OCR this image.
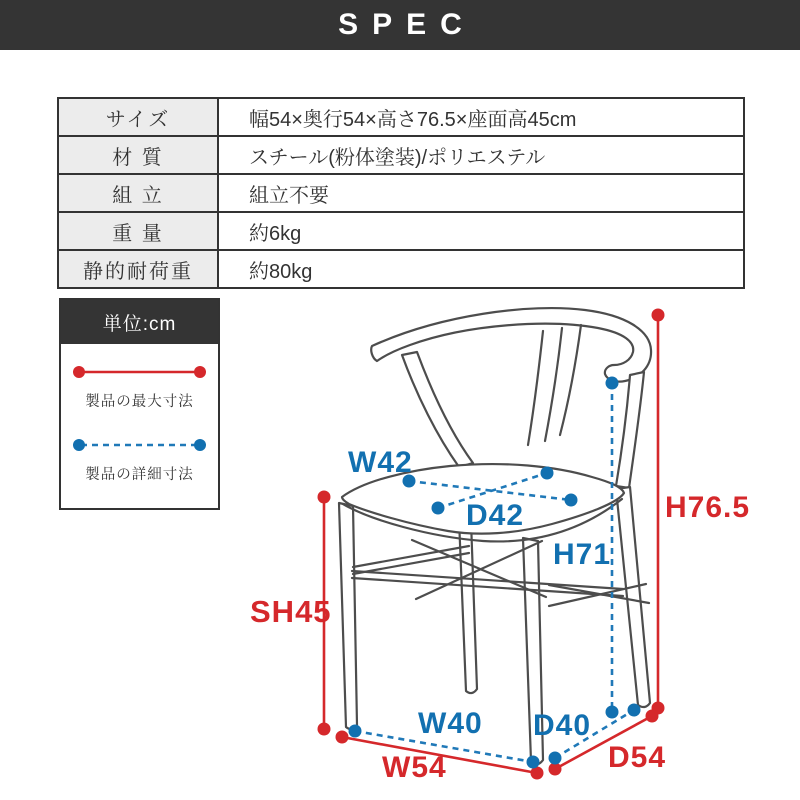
SPEC
サイズ	幅54×奥行54×高さ76.5×座面高45cm
材 質	スチール(粉体塗装)/ポリエステル
組 立	組立不要
重 量	約6kg
静的耐荷重	約80kg
単位:cm
製品の最大寸法
製品の詳細寸法	W42
D42
H71
H76.5
SH45
W40
W54
D40
D54
